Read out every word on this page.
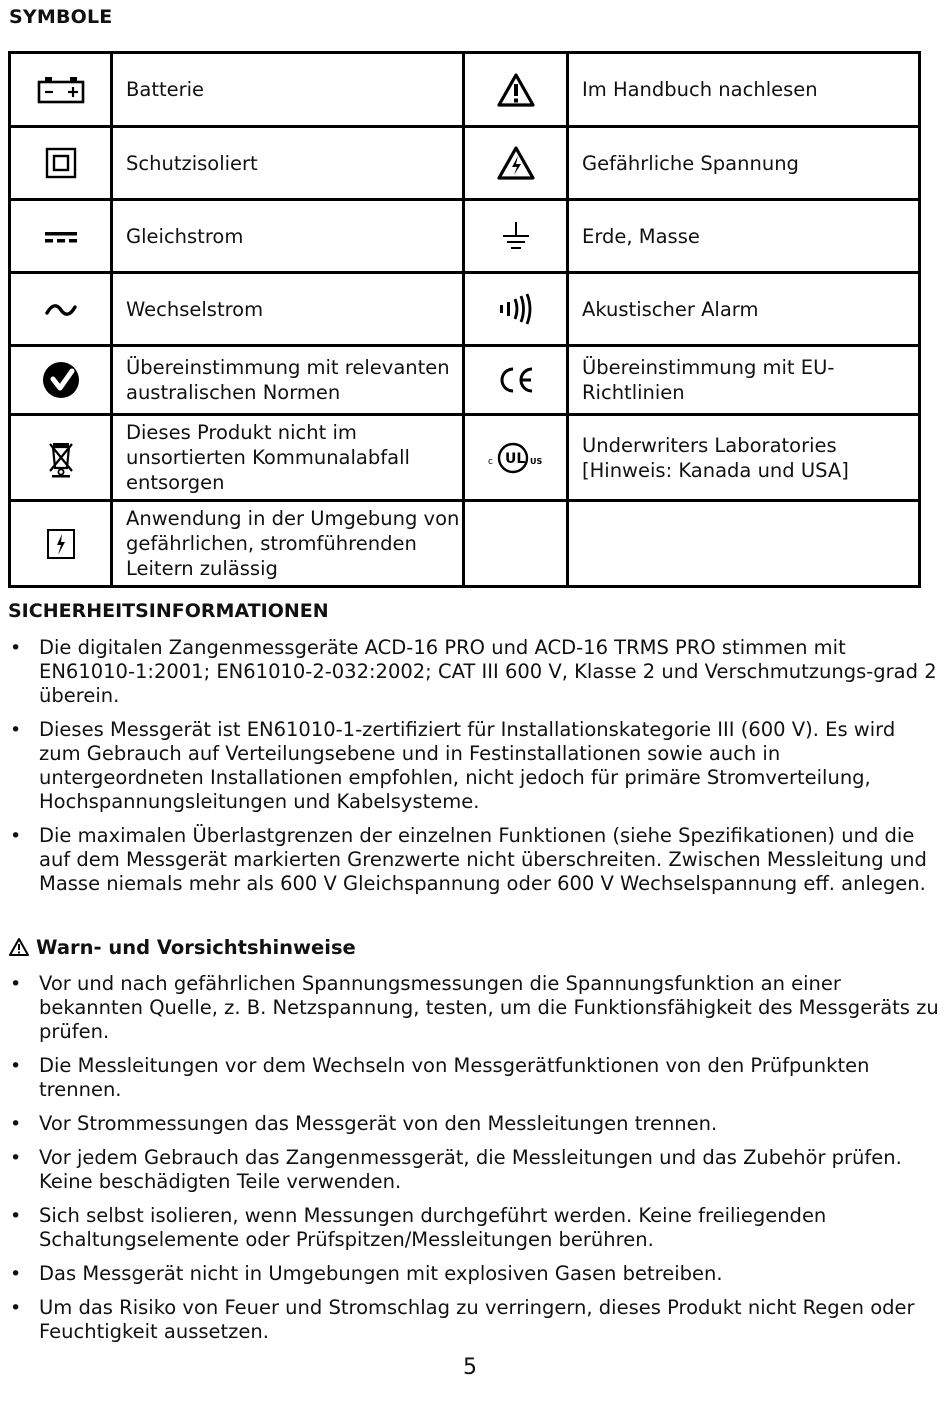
SYMBOLE
	Batterie		Im Handbuch nachlesen
	Schutzisoliert		Gefährliche Spannung
	Gleichstrom		Erde, Masse
	Wechselstrom		Akustischer Alarm
	Übereinstimmung mit relevanten australischen Normen		Übereinstimmung mit EU-Richtlinien
	Dieses Produkt nicht im unsortierten Kommunalabfall entsorgen	c UL US	Underwriters Laboratories [Hinweis: Kanada und USA]
	Anwendung in der Umgebung von gefährlichen, stromführenden Leitern zulässig		
SICHERHEITSINFORMATIONEN
• Die digitalen Zangenmessgeräte ACD-16 PRO und ACD-16 TRMS PRO stimmen mit EN61010-1:2001; EN61010-2-032:2002; CAT III 600 V, Klasse 2 und Verschmutzungs-grad 2 überein.
• Dieses Messgerät ist EN61010-1-zertifiziert für Installationskategorie III (600 V). Es wird zum Gebrauch auf Verteilungsebene und in Festinstallationen sowie auch in untergeordneten Installationen empfohlen, nicht jedoch für primäre Stromverteilung, Hochspannungsleitungen und Kabelsysteme.
• Die maximalen Überlastgrenzen der einzelnen Funktionen (siehe Spezifikationen) und die auf dem Messgerät markierten Grenzwerte nicht überschreiten. Zwischen Messleitung und Masse niemals mehr als 600 V Gleichspannung oder 600 V Wechselspannung eff. anlegen.
Warn- und Vorsichtshinweise
• Vor und nach gefährlichen Spannungsmessungen die Spannungsfunktion an einer bekannten Quelle, z. B. Netzspannung, testen, um die Funktionsfähigkeit des Messgeräts zu prüfen.
• Die Messleitungen vor dem Wechseln von Messgerätfunktionen von den Prüfpunkten trennen.
• Vor Strommessungen das Messgerät von den Messleitungen trennen.
• Vor jedem Gebrauch das Zangenmessgerät, die Messleitungen und das Zubehör prüfen. Keine beschädigten Teile verwenden.
• Sich selbst isolieren, wenn Messungen durchgeführt werden. Keine freiliegenden Schaltungselemente oder Prüfspitzen/Messleitungen berühren.
• Das Messgerät nicht in Umgebungen mit explosiven Gasen betreiben.
• Um das Risiko von Feuer und Stromschlag zu verringern, dieses Produkt nicht Regen oder Feuchtigkeit aussetzen.
5
